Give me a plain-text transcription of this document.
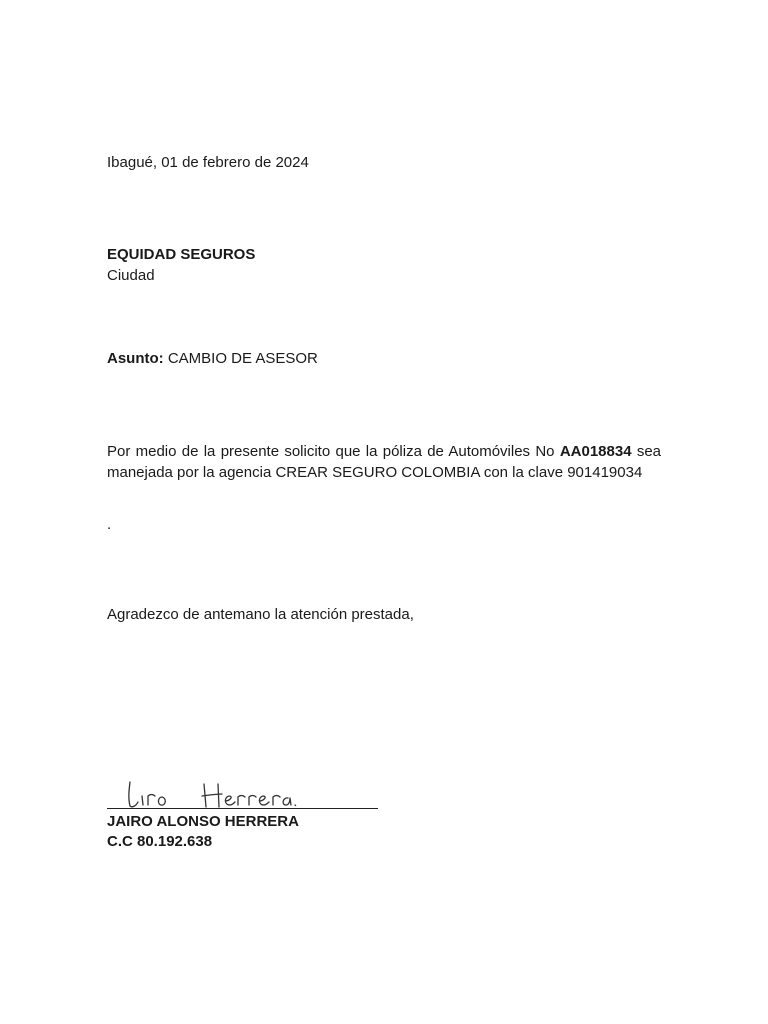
Ibagué, 01 de febrero de 2024
EQUIDAD SEGUROS
Ciudad
Asunto: CAMBIO DE ASESOR
Por medio de la presente solicito que la póliza de Automóviles No AA018834 sea manejada por la agencia CREAR SEGURO COLOMBIA con la clave 901419034
.
Agradezco de antemano la atención prestada,
JAIRO ALONSO HERRERA
C.C 80.192.638
